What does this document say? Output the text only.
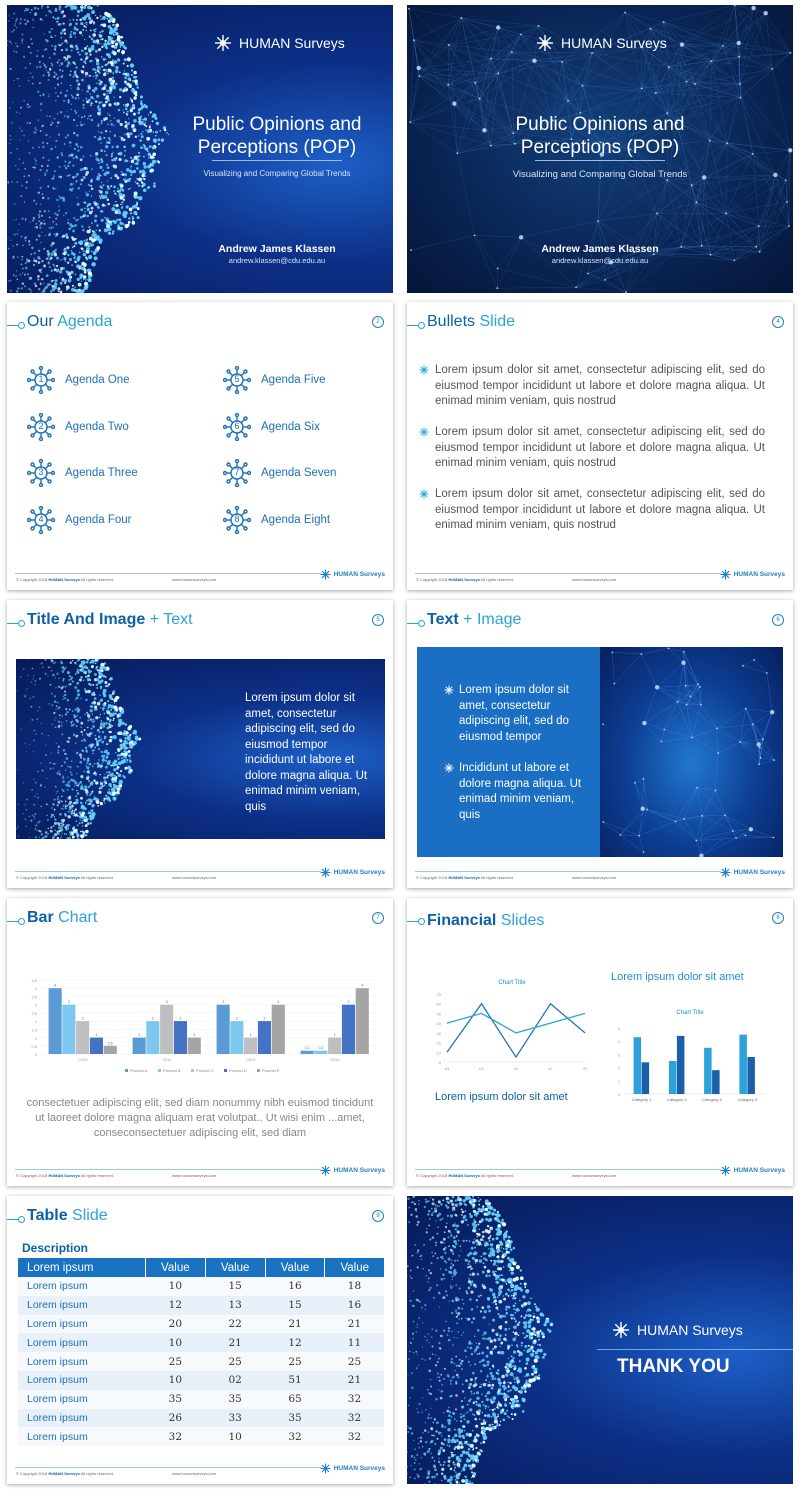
HUMAN Surveys
Public Opinions and
Perceptions (POP)
Visualizing and Comparing Global Trends
Andrew James Klassen
andrew.klassen@cdu.edu.au
HUMAN Surveys
Public Opinions and
Perceptions (POP)
Visualizing and Comparing Global Trends
Andrew James Klassen
andrew.klassen@cdu.edu.au
Our Agenda	2
1	Agenda One
2	Agenda Two
3	Agenda Three
4	Agenda Four
5	Agenda Five
6	Agenda Six
7	Agenda Seven
8	Agenda Eight
© Copyright 2018 HUMAN Surveys All rights reserved.	www.humansurveys.com
HUMAN Surveys
Bullets Slide	4
Lorem ipsum dolor sit amet, consectetur adipiscing elit, sed do eiusmod tempor incididunt ut labore et dolore magna aliqua. Ut enimad minim veniam, quis nostrud
Lorem ipsum dolor sit amet, consectetur adipiscing elit, sed do eiusmod tempor incididunt ut labore et dolore magna aliqua. Ut enimad minim veniam, quis nostrud
Lorem ipsum dolor sit amet, consectetur adipiscing elit, sed do eiusmod tempor incididunt ut labore et dolore magna aliqua. Ut enimad minim veniam, quis nostrud
© Copyright 2018 HUMAN Surveys All rights reserved.	www.humansurveys.com
HUMAN Surveys
Title And Image + Text	5
Lorem ipsum dolor sit amet, consectetur adipiscing elit, sed do eiusmod tempor incididunt ut labore et dolore magna aliqua. Ut enimad minim veniam, quis
© Copyright 2018 HUMAN Surveys All rights reserved.	www.humansurveys.com
HUMAN Surveys
Text + Image	6
Lorem ipsum dolor sit amet, consectetur adipiscing elit, sed do eiusmod tempor
Incididunt ut labore et dolore magna aliqua. Ut enimad minim veniam, quis
© Copyright 2018 HUMAN Surveys All rights reserved.	www.humansurveys.com
HUMAN Surveys
Bar Chart	7
4.5
4
3.5
3
2.5
2
1.5
1
0.5
0
4
3
2
1
0.5
2010
1
2
3
2
1
2011
3
2
1
2
3
2012
0.2	0.2
1
3
4
2013
Product A	Product B	Product C	Product D	Product E
consectetuer adipiscing elit, sed diam nonummy nibh euismod tincidunt ut laoreet dolore magna aliquam erat volutpat.. Ut wisi enim ...amet, conseconsectetuer adipiscing elit, sed diam
© Copyright 2018 HUMAN Surveys All rights reserved.	www.humansurveys.com
HUMAN Surveys
Financial Slides	8
Chart Title
70
60
50
40
30
20
10
0
a1	b2	c3	e7	f9
Lorem ipsum dolor sit amet
Lorem ipsum dolor sit amet
Chart Title
5
4
3
2
1
0
Category 1	Category 2	Category 3	Category 4
© Copyright 2018 HUMAN Surveys All rights reserved.	www.humansurveys.com
HUMAN Surveys
Table Slide	9
Description
Lorem ipsum	Value	Value	Value	Value
Lorem ipsum	10	15	16	18
Lorem ipsum	12	13	15	16
Lorem ipsum	20	22	21	21
Lorem ipsum	10	21	12	11
Lorem ipsum	25	25	25	25
Lorem ipsum	10	02	51	21
Lorem ipsum	35	35	65	32
Lorem ipsum	26	33	35	32
Lorem ipsum	32	10	32	32
© Copyright 2018 HUMAN Surveys All rights reserved.	www.humansurveys.com
HUMAN Surveys
HUMAN Surveys
THANK YOU
